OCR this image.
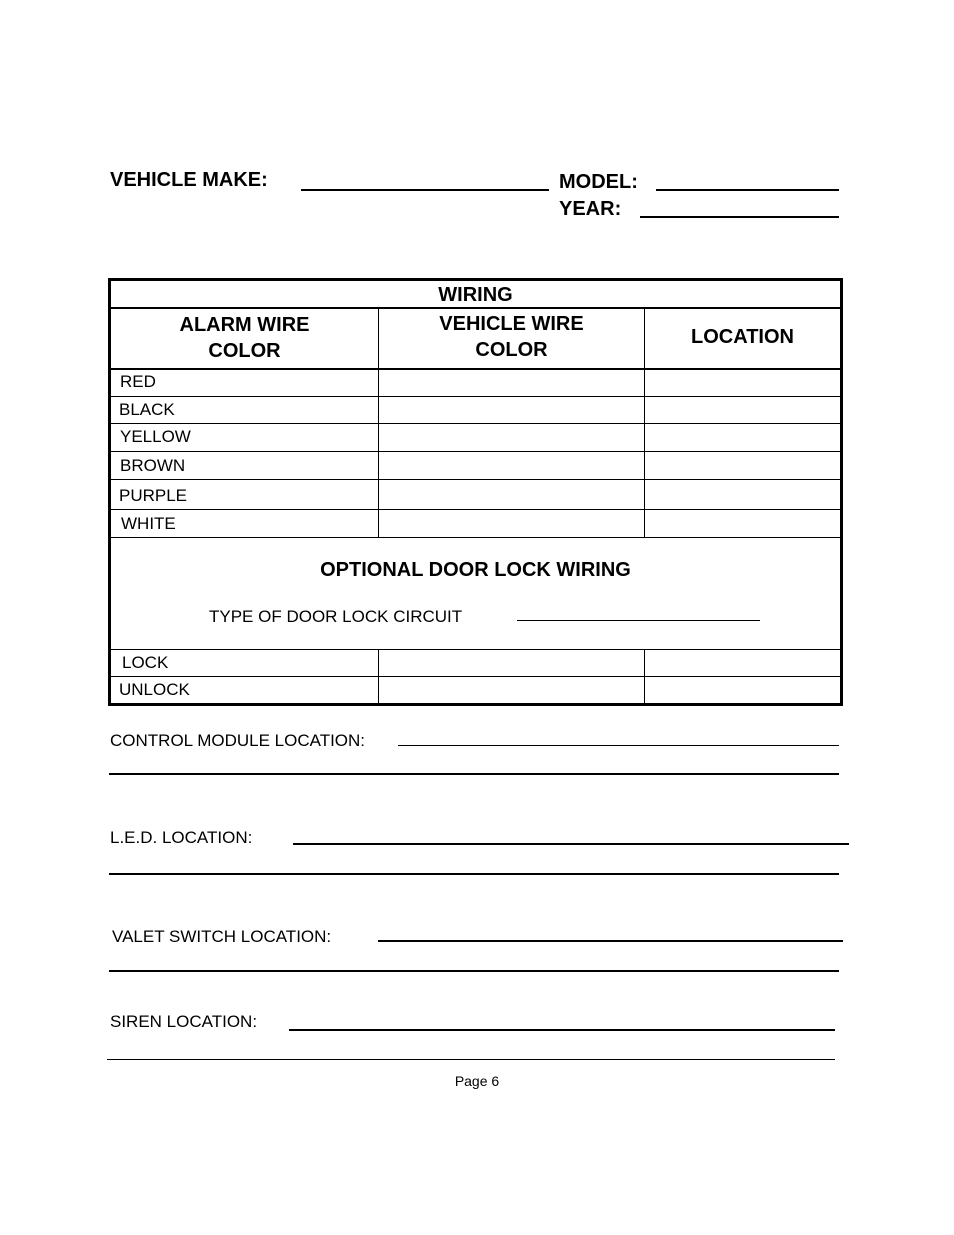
VEHICLE MAKE:	MODEL:
YEAR:
WIRING
ALARM WIRE
COLOR
VEHICLE WIRE
COLOR
LOCATION
RED
BLACK
YELLOW
BROWN
PURPLE
WHITE
OPTIONAL DOOR LOCK WIRING
TYPE OF DOOR LOCK CIRCUIT
LOCK
UNLOCK
CONTROL MODULE LOCATION:
L.E.D. LOCATION:
VALET SWITCH LOCATION:
SIREN LOCATION:
Page 6
